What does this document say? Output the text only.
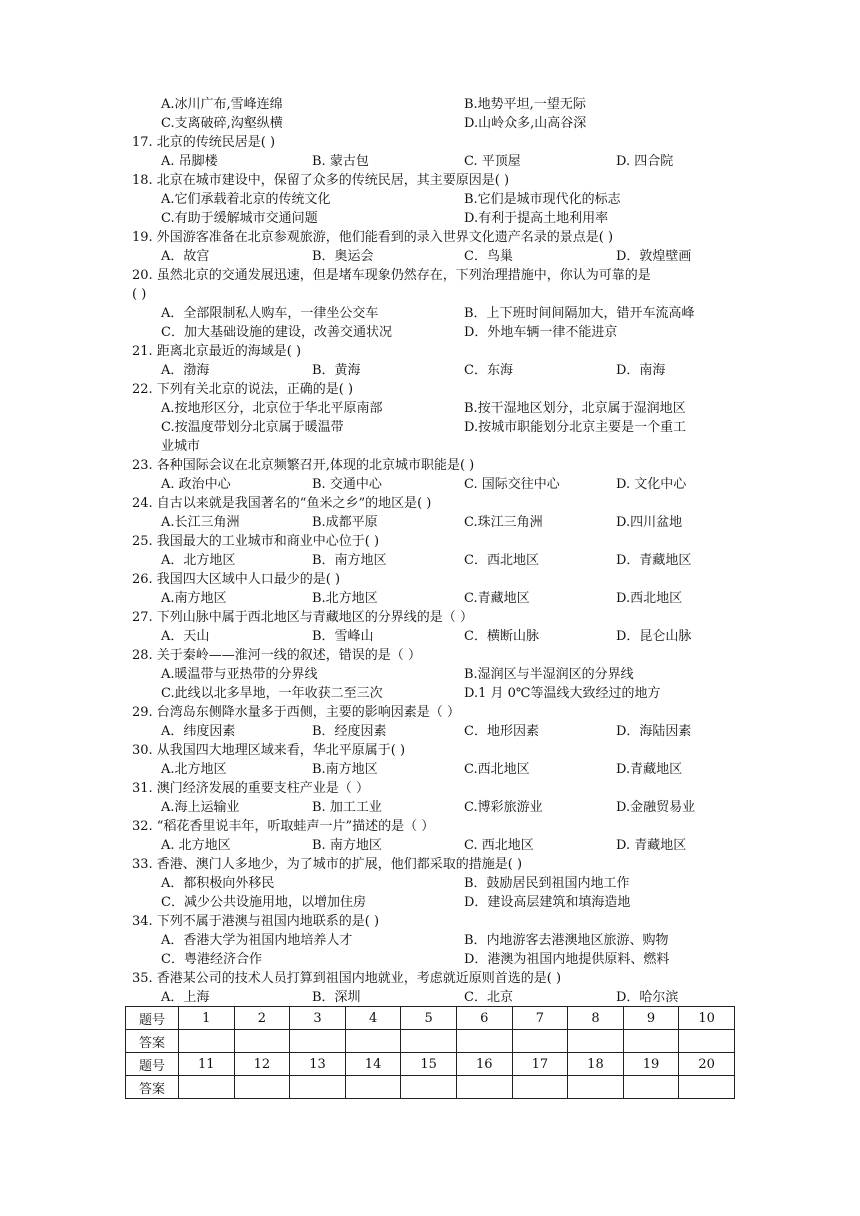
A.冰川广布,雪峰连绵	B.地势平坦,一望无际
C.支离破碎,沟壑纵横	D.山岭众多,山高谷深
17. 北京的传统民居是( )
A. 吊脚楼	B. 蒙古包	C. 平顶屋	D. 四合院
18. 北京在城市建设中，保留了众多的传统民居，其主要原因是( )
A.它们承载着北京的传统文化	B.它们是城市现代化的标志
C.有助于缓解城市交通问题	D.有利于提高土地利用率
19. 外国游客准备在北京参观旅游，他们能看到的录入世界文化遗产名录的景点是( )
A．故宫	B．奥运会	C．鸟巢	D．敦煌壁画
20. 虽然北京的交通发展迅速，但是堵车现象仍然存在，下列治理措施中，你认为可靠的是
( )
A．全部限制私人购车，一律坐公交车	B．上下班时间间隔加大，错开车流高峰
C．加大基础设施的建设，改善交通状况	D．外地车辆一律不能进京
21. 距离北京最近的海域是( )
A．渤海	B．黄海	C．东海	D．南海
22. 下列有关北京的说法，正确的是( )
A.按地形区分，北京位于华北平原南部	B.按干湿地区划分，北京属于湿润地区
C.按温度带划分北京属于暖温带	D.按城市职能划分北京主要是一个重工
业城市
23. 各种国际会议在北京频繁召开,体现的北京城市职能是( )
A. 政治中心	B. 交通中心	C. 国际交往中心	D. 文化中心
24. 自古以来就是我国著名的“鱼米之乡”的地区是( )
A.长江三角洲	B.成都平原	C.珠江三角洲	D.四川盆地
25. 我国最大的工业城市和商业中心位于( )
A．北方地区	B．南方地区	C．西北地区	D．青藏地区
26. 我国四大区域中人口最少的是( )
A.南方地区	B.北方地区	C.青藏地区	D.西北地区
27. 下列山脉中属于西北地区与青藏地区的分界线的是（ ）
A．天山	B．雪峰山	C．横断山脉	D．昆仑山脉
28. 关于秦岭——淮河一线的叙述，错误的是（ ）
A.暖温带与亚热带的分界线	B.湿润区与半湿润区的分界线
C.此线以北多旱地，一年收获二至三次	D.1 月 0℃等温线大致经过的地方
29. 台湾岛东侧降水量多于西侧，主要的影响因素是（ ）
A．纬度因素	B．经度因素	C．地形因素	D．海陆因素
30. 从我国四大地理区域来看，华北平原属于( )
A.北方地区	B.南方地区	C.西北地区	D.青藏地区
31. 澳门经济发展的重要支柱产业是（ ）
A.海上运输业	B. 加工工业	C.博彩旅游业	D.金融贸易业
32. “稻花香里说丰年，听取蛙声一片”描述的是（ ）
A. 北方地区	B. 南方地区	C. 西北地区	D. 青藏地区
33. 香港、澳门人多地少，为了城市的扩展，他们都采取的措施是( )
A．都积极向外移民	B．鼓励居民到祖国内地工作
C．减少公共设施用地，以增加住房	D．建设高层建筑和填海造地
34. 下列不属于港澳与祖国内地联系的是( )
A．香港大学为祖国内地培养人才	B．内地游客去港澳地区旅游、购物
C．粤港经济合作	D．港澳为祖国内地提供原料、燃料
35. 香港某公司的技术人员打算到祖国内地就业，考虑就近原则首选的是( )
A．上海	B．深圳	C．北京	D．哈尔滨
题号	1	2	3	4	5	6	7	8	9	10
答案										
题号	11	12	13	14	15	16	17	18	19	20
答案										
